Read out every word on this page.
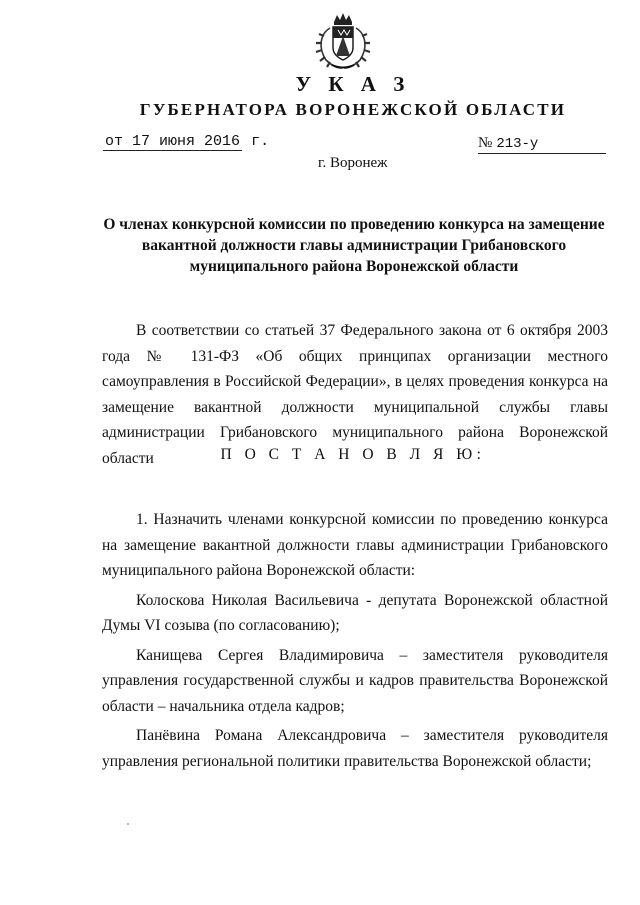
У К А З
ГУБЕРНАТОРА ВОРОНЕЖСКОЙ ОБЛАСТИ
от 17 июня 2016 г.	№ 213-у
г. Воронеж
О членах конкурсной комиссии по проведению конкурса на замещение вакантной должности главы администрации Грибановского муниципального района Воронежской области

В соответствии со статьей 37 Федерального закона от 6 октября 2003 года № 131-ФЗ «Об общих принципах организации местного самоуправления в Российской Федерации», в целях проведения конкурса на замещение вакантной должности муниципальной службы главы администрации Грибановского муниципального района Воронежской области	П О С Т А Н О В Л Я Ю:

1. Назначить членами конкурсной комиссии по проведению конкурса на замещение вакантной должности главы администрации Грибановского муниципального района Воронежской области:

Колоскова Николая Васильевича - депутата Воронежской областной Думы VI созыва (по согласованию);

Канищева Сергея Владимировича – заместителя руководителя управления государственной службы и кадров правительства Воронежской области – начальника отдела кадров;

Панёвина Романа Александровича – заместителя руководителя управления региональной политики правительства Воронежской области;
